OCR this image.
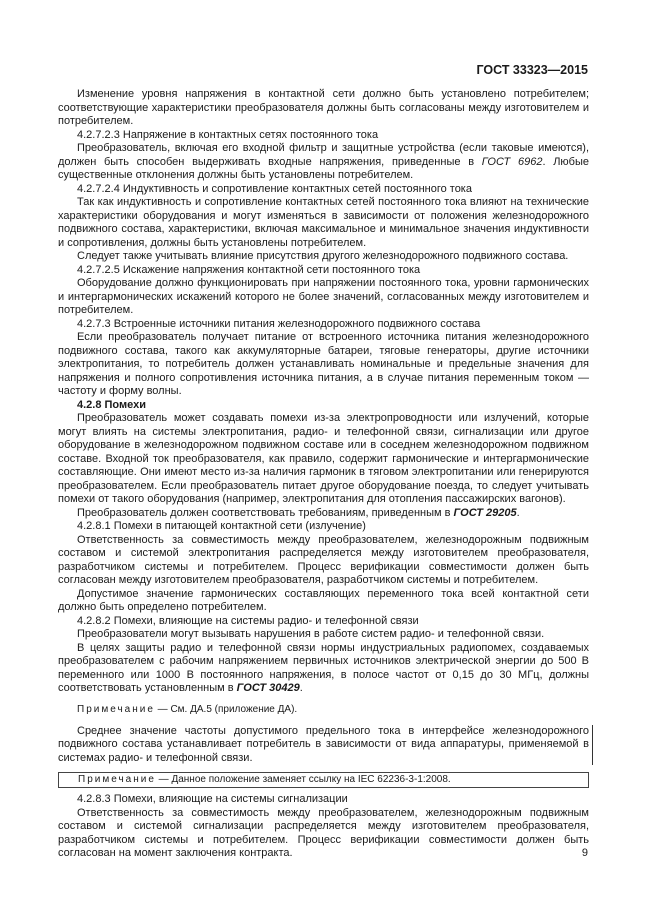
ГОСТ 33323—2015

Изменение уровня напряжения в контактной сети должно быть установлено потребителем; соответствующие характеристики преобразователя должны быть согласованы между изготовителем и потребителем.

4.2.7.2.3 Напряжение в контактных сетях постоянного тока

Преобразователь, включая его входной фильтр и защитные устройства (если таковые имеются), должен быть способен выдерживать входные напряжения, приведенные в ГОСТ 6962. Любые существенные отклонения должны быть установлены потребителем.

4.2.7.2.4 Индуктивность и сопротивление контактных сетей постоянного тока

Так как индуктивность и сопротивление контактных сетей постоянного тока влияют на технические характеристики оборудования и могут изменяться в зависимости от положения железнодорожного подвижного состава, характеристики, включая максимальное и минимальное значения индуктивности и сопротивления, должны быть установлены потребителем.

Следует также учитывать влияние присутствия другого железнодорожного подвижного состава.

4.2.7.2.5 Искажение напряжения контактной сети постоянного тока

Оборудование должно функционировать при напряжении постоянного тока, уровни гармонических и интергармонических искажений которого не более значений, согласованных между изготовителем и потребителем.

4.2.7.3 Встроенные источники питания железнодорожного подвижного состава

Если преобразователь получает питание от встроенного источника питания железнодорожного подвижного состава, такого как аккумуляторные батареи, тяговые генераторы, другие источники электропитания, то потребитель должен устанавливать номинальные и предельные значения для напряжения и полного сопротивления источника питания, а в случае питания переменным током — частоту и форму волны.

4.2.8 Помехи

Преобразователь может создавать помехи из-за электропроводности или излучений, которые могут влиять на системы электропитания, радио- и телефонной связи, сигнализации или другое оборудование в железнодорожном подвижном составе или в соседнем железнодорожном подвижном составе. Входной ток преобразователя, как правило, содержит гармонические и интергармонические составляющие. Они имеют место из-за наличия гармоник в тяговом электропитании или генерируются преобразователем. Если преобразователь питает другое оборудование поезда, то следует учитывать помехи от такого оборудования (например, электропитания для отопления пассажирских вагонов).

Преобразователь должен соответствовать требованиям, приведенным в ГОСТ 29205.

4.2.8.1 Помехи в питающей контактной сети (излучение)

Ответственность за совместимость между преобразователем, железнодорожным подвижным составом и системой электропитания распределяется между изготовителем преобразователя, разработчиком системы и потребителем. Процесс верификации совместимости должен быть согласован между изготовителем преобразователя, разработчиком системы и потребителем.

Допустимое значение гармонических составляющих переменного тока всей контактной сети должно быть определено потребителем.

4.2.8.2 Помехи, влияющие на системы радио- и телефонной связи

Преобразователи могут вызывать нарушения в работе систем радио- и телефонной связи.

В целях защиты радио и телефонной связи нормы индустриальных радиопомех, создаваемых преобразователем с рабочим напряжением первичных источников электрической энергии до 500 В переменного или 1000 В постоянного напряжения, в полосе частот от 0,15 до 30 МГц, должны соответствовать установленным в ГОСТ 30429.

Примечание — См. ДА.5 (приложение ДА).

Среднее значение частоты допустимого предельного тока в интерфейсе железнодорожного подвижного состава устанавливает потребитель в зависимости от вида аппаратуры, применяемой в системах радио- и телефонной связи.

Примечание — Данное положение заменяет ссылку на IEC 62236-3-1:2008.

4.2.8.3 Помехи, влияющие на системы сигнализации

Ответственность за совместимость между преобразователем, железнодорожным подвижным составом и системой сигнализации распределяется между изготовителем преобразователя, разработчиком системы и потребителем. Процесс верификации совместимости должен быть согласован на момент заключения контракта.	9
